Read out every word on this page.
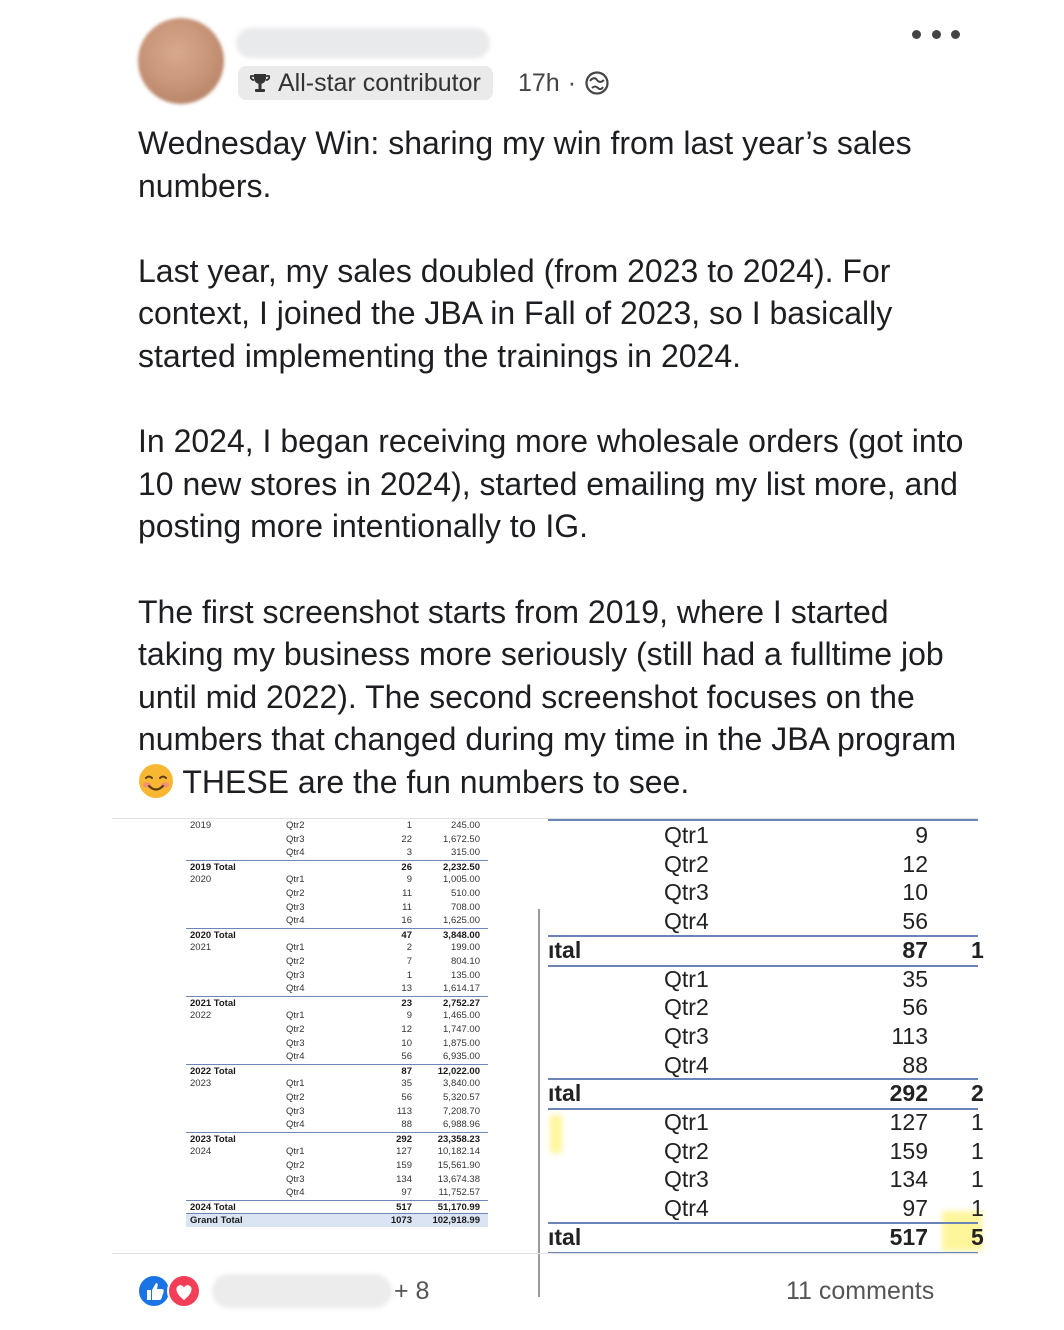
All-star contributor 17h ·

Wednesday Win: sharing my win from last year’s sales numbers.

Last year, my sales doubled (from 2023 to 2024). For context, I joined the JBA in Fall of 2023, so I basically started implementing the trainings in 2024.

In 2024, I began receiving more wholesale orders (got into 10 new stores in 2024), started emailing my list more, and posting more intentionally to IG.

The first screenshot starts from 2019, where I started taking my business more seriously (still had a fulltime job until mid 2022). The second screenshot focuses on the numbers that changed during my time in the JBA program  THESE are the fun numbers to see.

2019	Qtr2	1	245.00
Qtr3	22	1,672.50
Qtr4	3	315.00
2019 Total	26	2,232.50
2020	Qtr1	9	1,005.00
Qtr2	11	510.00
Qtr3	11	708.00
Qtr4	16	1,625.00
2020 Total	47	3,848.00
2021	Qtr1	2	199.00
Qtr2	7	804.10
Qtr3	1	135.00
Qtr4	13	1,614.17
2021 Total	23	2,752.27
2022	Qtr1	9	1,465.00
Qtr2	12	1,747.00
Qtr3	10	1,875.00
Qtr4	56	6,935.00
2022 Total	87	12,022.00
2023	Qtr1	35	3,840.00
Qtr2	56	5,320.57
Qtr3	113	7,208.70
Qtr4	88	6,988.96
2023 Total	292	23,358.23
2024	Qtr1	127	10,182.14
Qtr2	159	15,561.90
Qtr3	134	13,674.38
Qtr4	97	11,752.57
2024 Total	517	51,170.99
Grand Total	1073	102,918.99
Qtr1	9
Qtr2	12
Qtr3	10
Qtr4	56
ıtal	87 1
Qtr1	35
Qtr2	56
Qtr3	113
Qtr4	88
ıtal	292 2
Qtr1	127 1
Qtr2	159 1
Qtr3	134 1
Qtr4	97 1
ıtal	517 5
+ 8	11 comments
